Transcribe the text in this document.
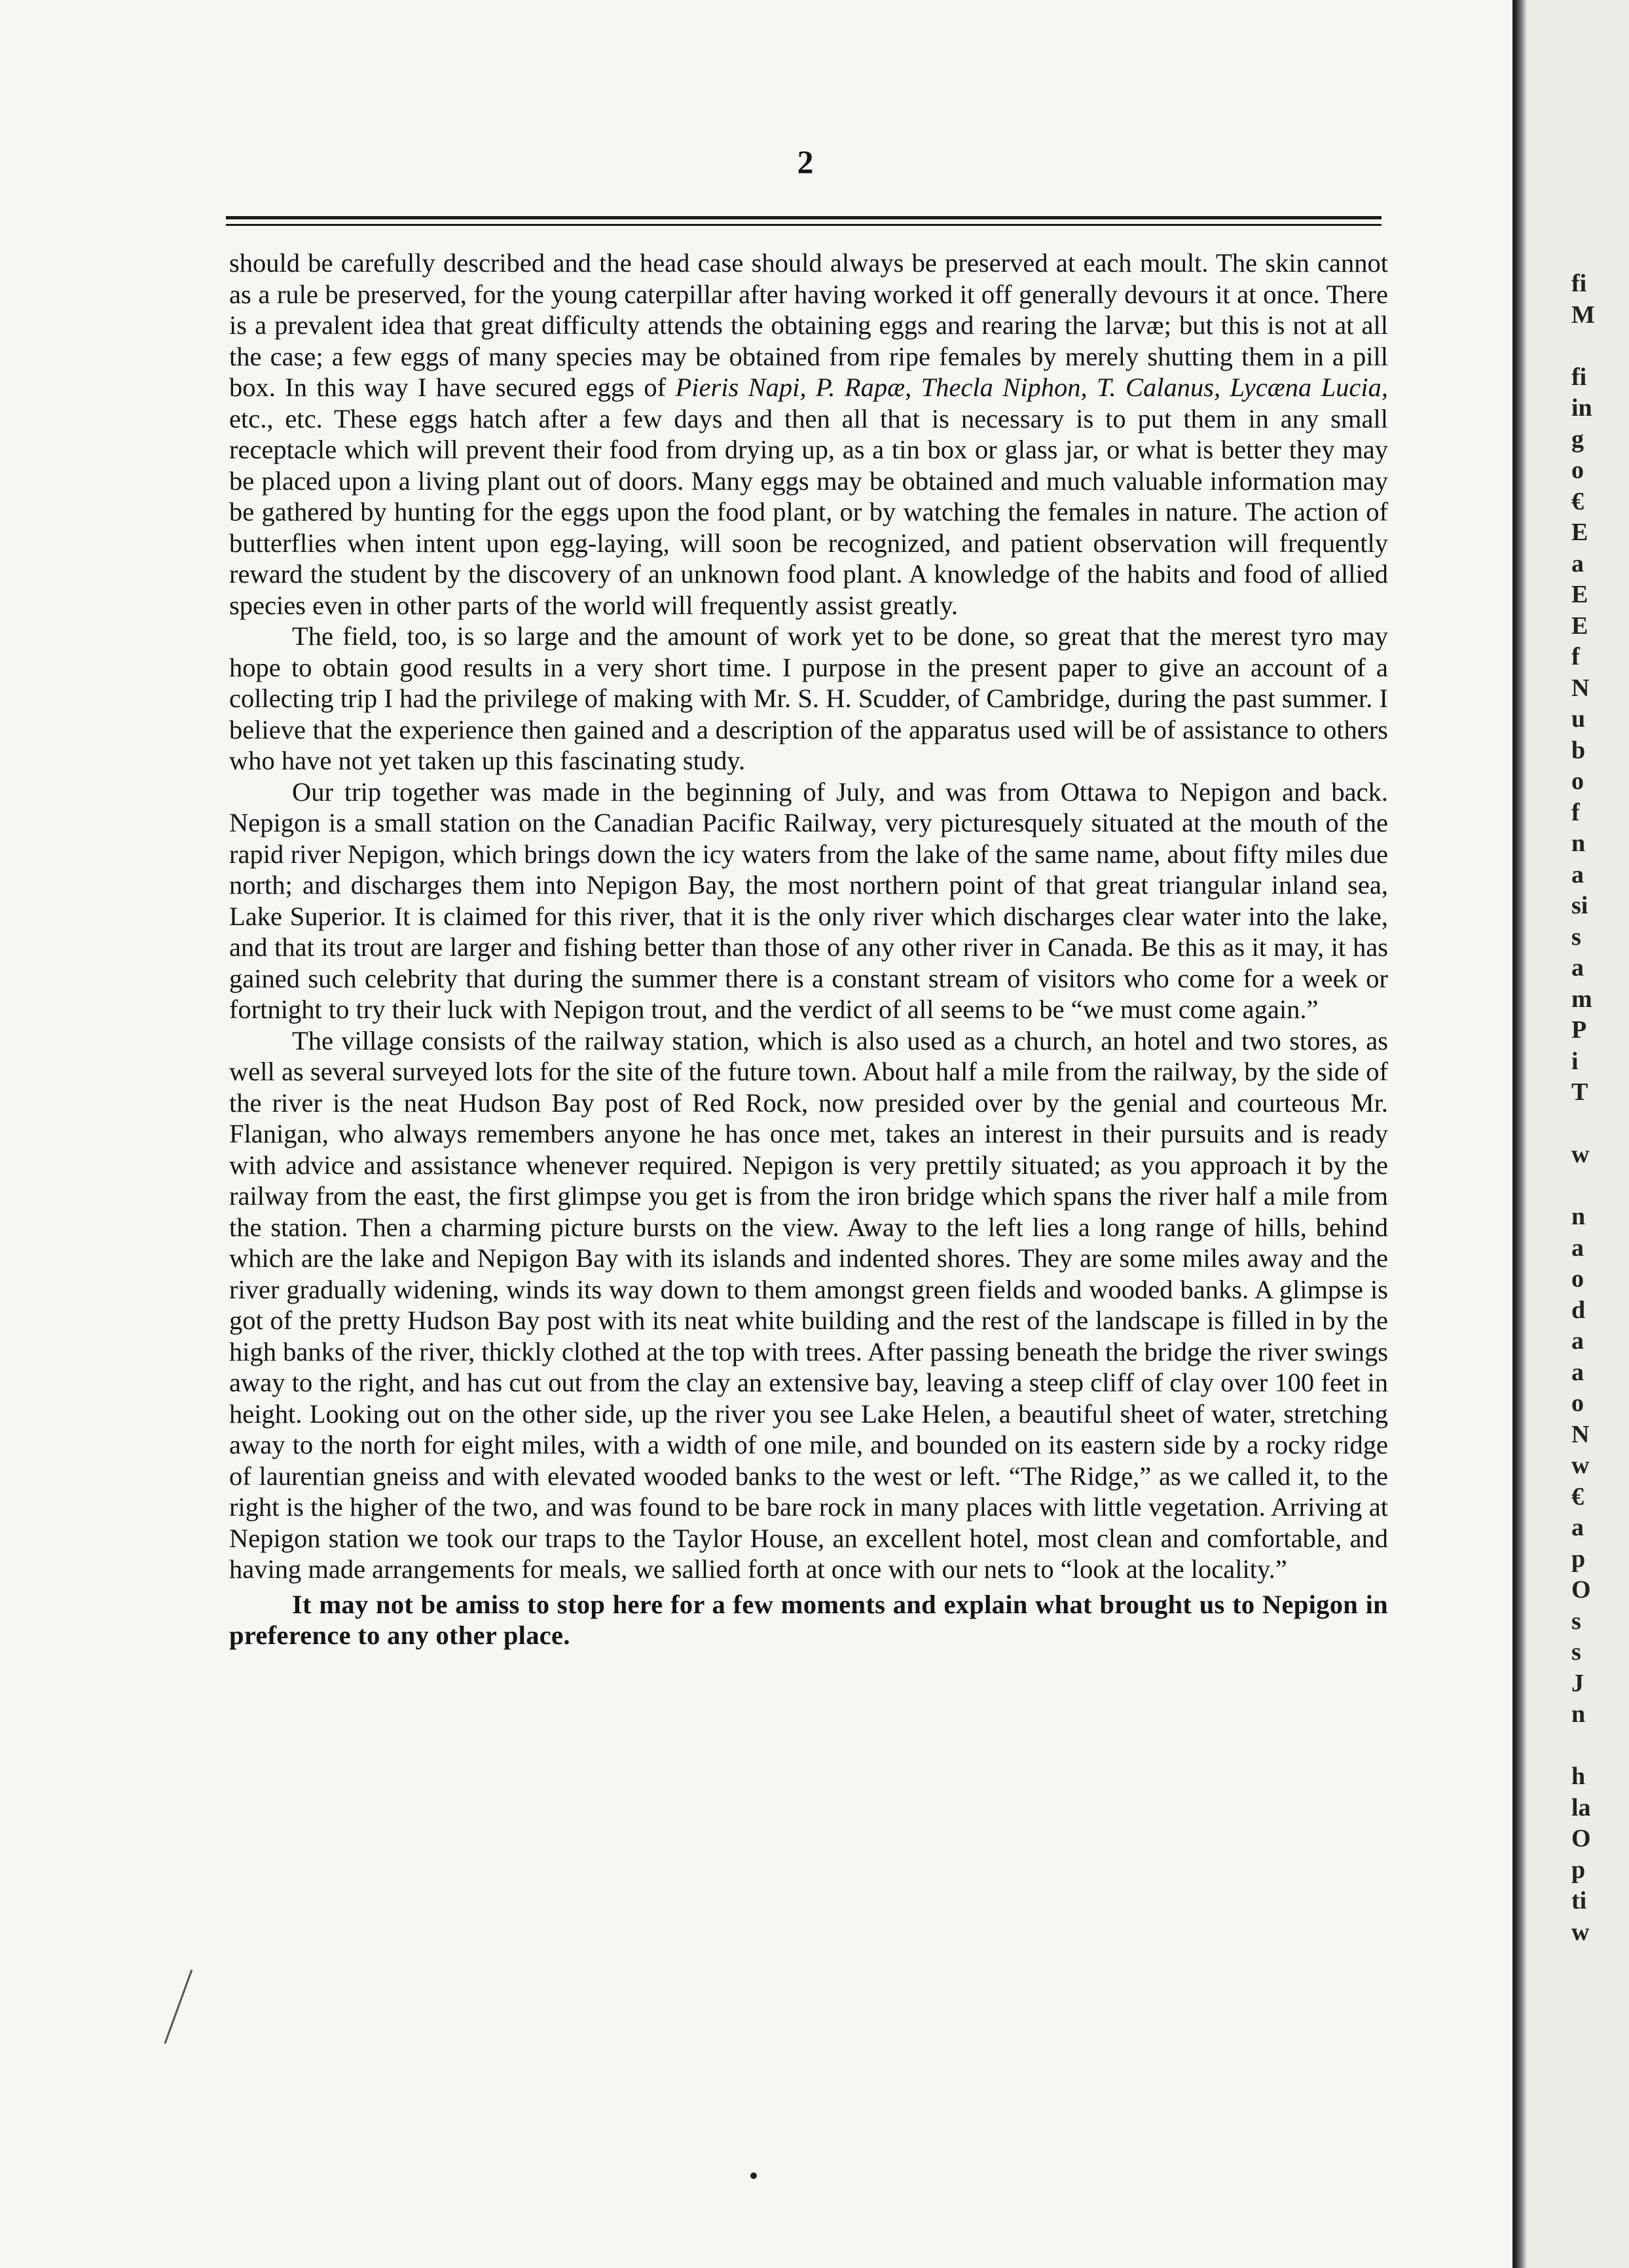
2

should be carefully described and the head case should always be preserved at each moult. The skin cannot as a rule be preserved, for the young caterpillar after having worked it off generally devours it at once. There is a prevalent idea that great difficulty attends the obtaining eggs and rearing the larvæ; but this is not at all the case; a few eggs of many species may be obtained from ripe females by merely shutting them in a pill box. In this way I have secured eggs of Pieris Napi, P. Rapæ, Thecla Niphon, T. Calanus, Lycæna Lucia, etc., etc. These eggs hatch after a few days and then all that is necessary is to put them in any small receptacle which will prevent their food from drying up, as a tin box or glass jar, or what is better they may be placed upon a living plant out of doors. Many eggs may be obtained and much valuable information may be gathered by hunting for the eggs upon the food plant, or by watching the females in nature. The action of butterflies when intent upon egg-laying, will soon be recognized, and patient observation will frequently reward the student by the discovery of an unknown food plant. A knowledge of the habits and food of allied species even in other parts of the world will frequently assist greatly.

The field, too, is so large and the amount of work yet to be done, so great that the merest tyro may hope to obtain good results in a very short time. I purpose in the present paper to give an account of a collecting trip I had the privilege of making with Mr. S. H. Scudder, of Cambridge, during the past summer. I believe that the experience then gained and a description of the apparatus used will be of assistance to others who have not yet taken up this fascinating study.

Our trip together was made in the beginning of July, and was from Ottawa to Nepigon and back. Nepigon is a small station on the Canadian Pacific Railway, very picturesquely situated at the mouth of the rapid river Nepigon, which brings down the icy waters from the lake of the same name, about fifty miles due north; and discharges them into Nepigon Bay, the most northern point of that great triangular inland sea, Lake Superior. It is claimed for this river, that it is the only river which discharges clear water into the lake, and that its trout are larger and fishing better than those of any other river in Canada. Be this as it may, it has gained such celebrity that during the summer there is a constant stream of visitors who come for a week or fortnight to try their luck with Nepigon trout, and the verdict of all seems to be “we must come again.”

The village consists of the railway station, which is also used as a church, an hotel and two stores, as well as several surveyed lots for the site of the future town. About half a mile from the railway, by the side of the river is the neat Hudson Bay post of Red Rock, now presided over by the genial and courteous Mr. Flanigan, who always remembers anyone he has once met, takes an interest in their pursuits and is ready with advice and assistance whenever required. Nepigon is very prettily situated; as you approach it by the railway from the east, the first glimpse you get is from the iron bridge which spans the river half a mile from the station. Then a charming picture bursts on the view. Away to the left lies a long range of hills, behind which are the lake and Nepigon Bay with its islands and indented shores. They are some miles away and the river gradually widening, winds its way down to them amongst green fields and wooded banks. A glimpse is got of the pretty Hudson Bay post with its neat white building and the rest of the landscape is filled in by the high banks of the river, thickly clothed at the top with trees. After passing beneath the bridge the river swings away to the right, and has cut out from the clay an extensive bay, leaving a steep cliff of clay over 100 feet in height. Looking out on the other side, up the river you see Lake Helen, a beautiful sheet of water, stretching away to the north for eight miles, with a width of one mile, and bounded on its eastern side by a rocky ridge of laurentian gneiss and with elevated wooded banks to the west or left. “The Ridge,” as we called it, to the right is the higher of the two, and was found to be bare rock in many places with little vegetation. Arriving at Nepigon station we took our traps to the Taylor House, an excellent hotel, most clean and comfortable, and having made arrangements for meals, we sallied forth at once with our nets to “look at the locality.”

It may not be amiss to stop here for a few moments and explain what brought us to Nepigon in preference to any other place.

fi
M
fi
in
g
o
€
E
a
E
E
f
N
u
b
o
f
n
a
si
s
a
m
P
i
T
w
n
a
o
d
a
a
o
N
w
€
a
p
O
s
s
J
n
h
la
O
p
ti
w
